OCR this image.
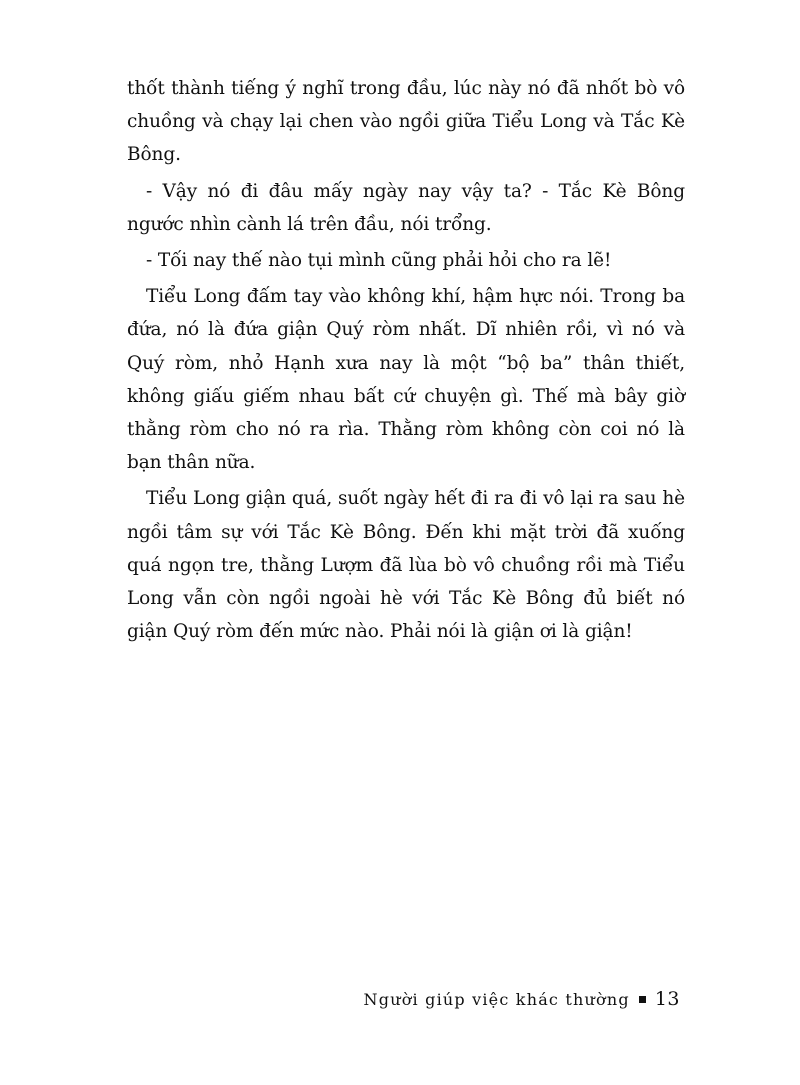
thốt thành tiếng ý nghĩ trong đầu, lúc này nó đã nhốt bò vô chuồng và chạy lại chen vào ngồi giữa Tiểu Long và Tắc Kè Bông.

- Vậy nó đi đâu mấy ngày nay vậy ta? - Tắc Kè Bông ngước nhìn cành lá trên đầu, nói trổng.

- Tối nay thế nào tụi mình cũng phải hỏi cho ra lẽ!

Tiểu Long đấm tay vào không khí, hậm hực nói. Trong ba đứa, nó là đứa giận Quý ròm nhất. Dĩ nhiên rồi, vì nó và Quý ròm, nhỏ Hạnh xưa nay là một “bộ ba” thân thiết, không giấu giếm nhau bất cứ chuyện gì. Thế mà bây giờ thằng ròm cho nó ra rìa. Thằng ròm không còn coi nó là bạn thân nữa.

Tiểu Long giận quá, suốt ngày hết đi ra đi vô lại ra sau hè ngồi tâm sự với Tắc Kè Bông. Đến khi mặt trời đã xuống quá ngọn tre, thằng Lượm đã lùa bò vô chuồng rồi mà Tiểu Long vẫn còn ngồi ngoài hè với Tắc Kè Bông đủ biết nó giận Quý ròm đến mức nào. Phải nói là giận ơi là giận!

Người giúp việc khác thường 13
